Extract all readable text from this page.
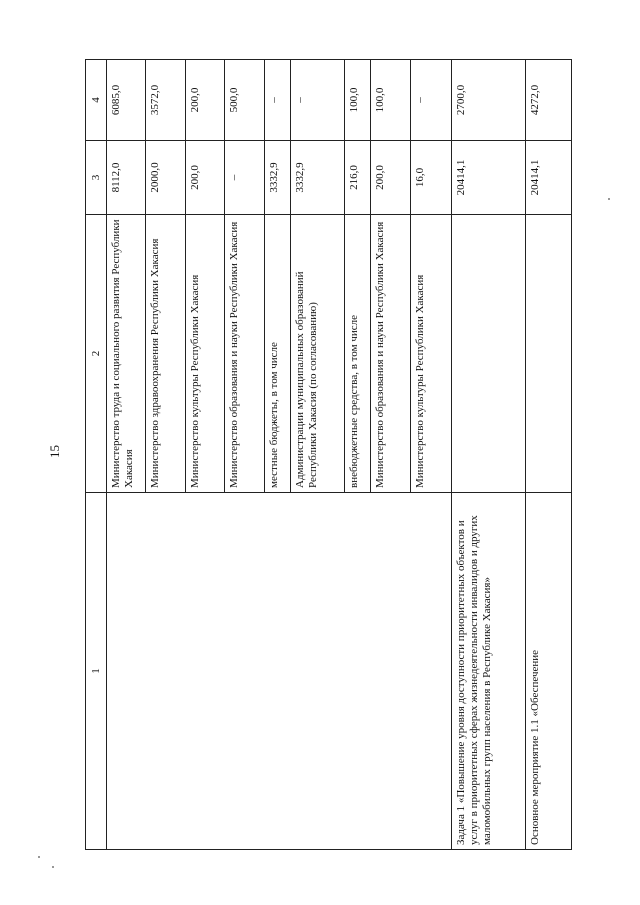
15
1	2	3	4
	Министерство труда и социального развития Республики Хакасия	8112,0	6085,0
	Министерство здравоохранения Республики Хакасия	2000,0	3572,0
	Министерство культуры Республики Хакасия	200,0	200,0
	Министерство образования и науки Республики Хакасия	–	500,0
	местные бюджеты, в том числе	3332,9	–
	Администрации муниципальных образований Республики Хакасия (по согласованию)	3332,9	–
	внебюджетные средства, в том числе	216,0	100,0
	Министерство образования и науки Республики Хакасия	200,0	100,0
	Министерство культуры Республики Хакасия	16,0	–
Задача 1 «Повышение уровня доступности приоритетных объектов и услуг в приоритетных сферах жизнедеятельности инвалидов и других маломобильных групп населения в Республике Хакасия»		20414,1	2700,0
Основное мероприятие 1.1 «Обеспечение		20414,1	4272,0
